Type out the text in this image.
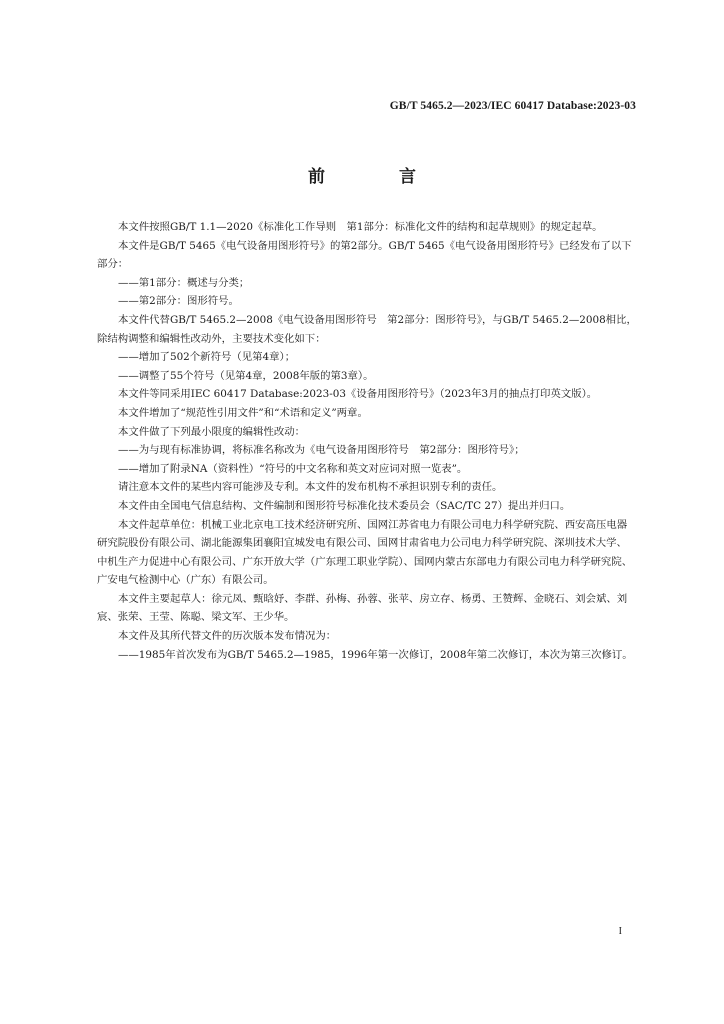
GB/T 5465.2—2023/IEC 60417 Database:2023-03
前 言

本文件按照GB/T 1.1—2020《标准化工作导则　第1部分：标准化文件的结构和起草规则》的规定起草。

本文件是GB/T 5465《电气设备用图形符号》的第2部分。GB/T 5465《电气设备用图形符号》已经发布了以下部分：

——第1部分：概述与分类；

——第2部分：图形符号。

本文件代替GB/T 5465.2—2008《电气设备用图形符号　第2部分：图形符号》，与GB/T 5465.2—2008相比，除结构调整和编辑性改动外，主要技术变化如下：

——增加了502个新符号（见第4章）；

——调整了55个符号（见第4章，2008年版的第3章）。

本文件等同采用IEC 60417 Database:2023-03《设备用图形符号》（2023年3月的抽点打印英文版）。

本文件增加了“规范性引用文件”和“术语和定义”两章。

本文件做了下列最小限度的编辑性改动：

——为与现有标准协调，将标准名称改为《电气设备用图形符号　第2部分：图形符号》；

——增加了附录NA（资料性）“符号的中文名称和英文对应词对照一览表”。

请注意本文件的某些内容可能涉及专利。本文件的发布机构不承担识别专利的责任。

本文件由全国电气信息结构、文件编制和图形符号标准化技术委员会（SAC/TC 27）提出并归口。

本文件起草单位：机械工业北京电工技术经济研究所、国网江苏省电力有限公司电力科学研究院、西安高压电器研究院股份有限公司、湖北能源集团襄阳宜城发电有限公司、国网甘肃省电力公司电力科学研究院、深圳技术大学、中机生产力促进中心有限公司、广东开放大学（广东理工职业学院）、国网内蒙古东部电力有限公司电力科学研究院、广安电气检测中心（广东）有限公司。

本文件主要起草人：徐元凤、甄晗妤、李群、孙梅、孙蓉、张苹、房立存、杨勇、王赞辉、金晓石、刘会斌、刘宸、张荣、王莹、陈聪、梁文军、王少华。

本文件及其所代替文件的历次版本发布情况为：

——1985年首次发布为GB/T 5465.2—1985，1996年第一次修订，2008年第二次修订，本次为第三次修订。

I
